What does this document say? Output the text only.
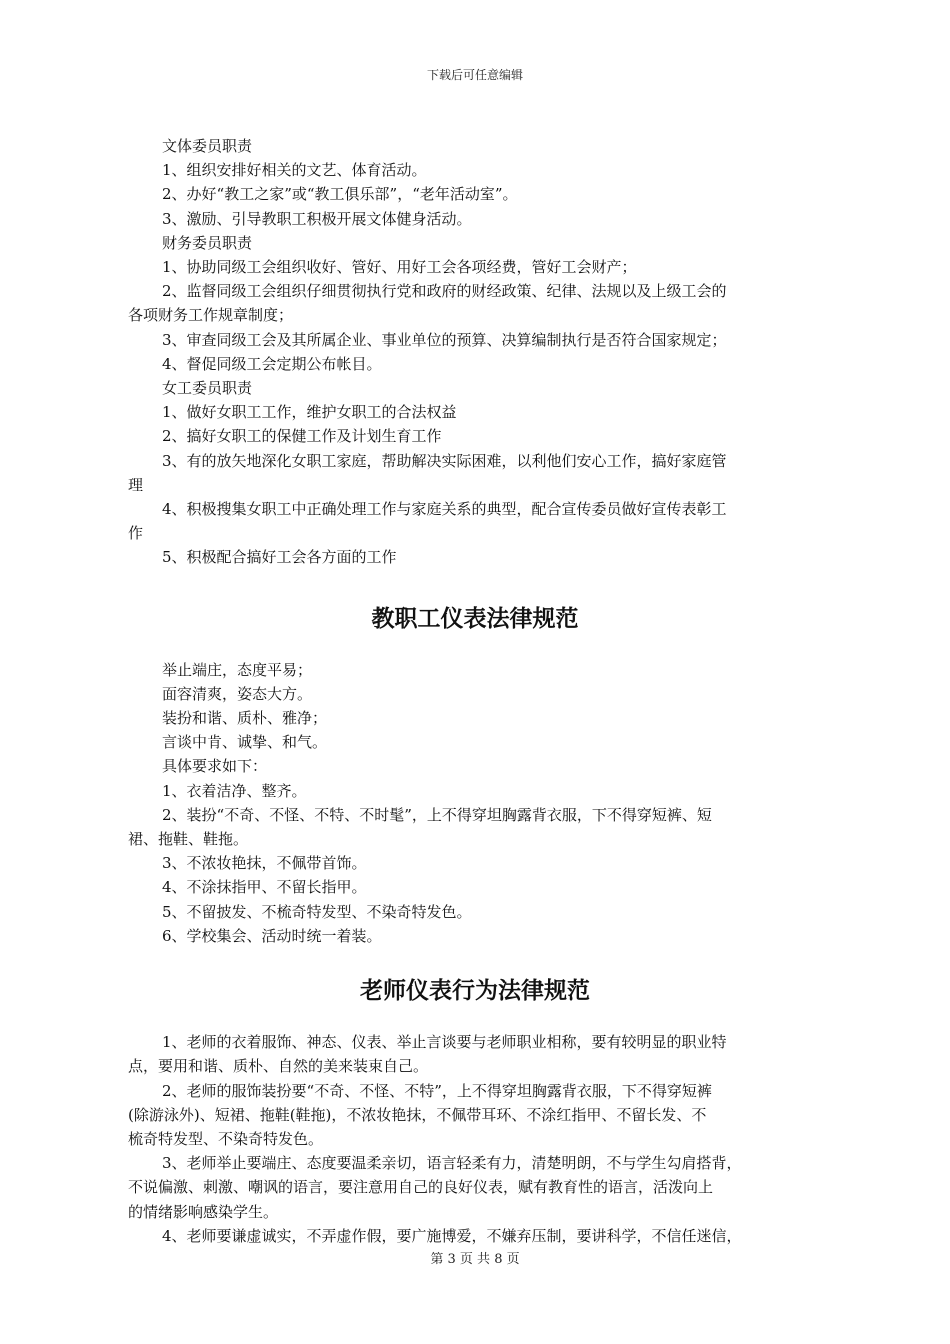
下载后可任意编辑
文体委员职责
1、组织安排好相关的文艺、体育活动。
2、办好“教工之家”或“教工俱乐部”，“老年活动室”。
3、激励、引导教职工积极开展文体健身活动。
财务委员职责
1、协助同级工会组织收好、管好、用好工会各项经费，管好工会财产；
2、监督同级工会组织仔细贯彻执行党和政府的财经政策、纪律、法规以及上级工会的
各项财务工作规章制度；
3、审查同级工会及其所属企业、事业单位的预算、决算编制执行是否符合国家规定；
4、督促同级工会定期公布帐目。
女工委员职责
1、做好女职工工作，维护女职工的合法权益
2、搞好女职工的保健工作及计划生育工作
3、有的放矢地深化女职工家庭，帮助解决实际困难，以利他们安心工作，搞好家庭管
理
4、积极搜集女职工中正确处理工作与家庭关系的典型，配合宣传委员做好宣传表彰工
作
5、积极配合搞好工会各方面的工作
教职工仪表法律规范
举止端庄，态度平易；
面容清爽，姿态大方。
装扮和谐、质朴、雅净；
言谈中肯、诚挚、和气。
具体要求如下：
1、衣着洁净、整齐。
2、装扮“不奇、不怪、不特、不时髦”，上不得穿坦胸露背衣服，下不得穿短裤、短
裙、拖鞋、鞋拖。
3、不浓妆艳抹，不佩带首饰。
4、不涂抹指甲、不留长指甲。
5、不留披发、不梳奇特发型、不染奇特发色。
6、学校集会、活动时统一着装。
老师仪表行为法律规范
1、老师的衣着服饰、神态、仪表、举止言谈要与老师职业相称，要有较明显的职业特
点，要用和谐、质朴、自然的美来装束自己。
2、老师的服饰装扮要“不奇、不怪、不特”，上不得穿坦胸露背衣服，下不得穿短裤
(除游泳外)、短裙、拖鞋(鞋拖)，不浓妆艳抹，不佩带耳环、不涂红指甲、不留长发、不
梳奇特发型、不染奇特发色。
3、老师举止要端庄、态度要温柔亲切，语言轻柔有力，清楚明朗，不与学生勾肩搭背，
不说偏激、刺激、嘲讽的语言，要注意用自己的良好仪表，赋有教育性的语言，活泼向上
的情绪影响感染学生。
4、老师要谦虚诚实，不弄虚作假，要广施博爱，不嫌弃压制，要讲科学，不信任迷信，
第 3 页 共 8 页
